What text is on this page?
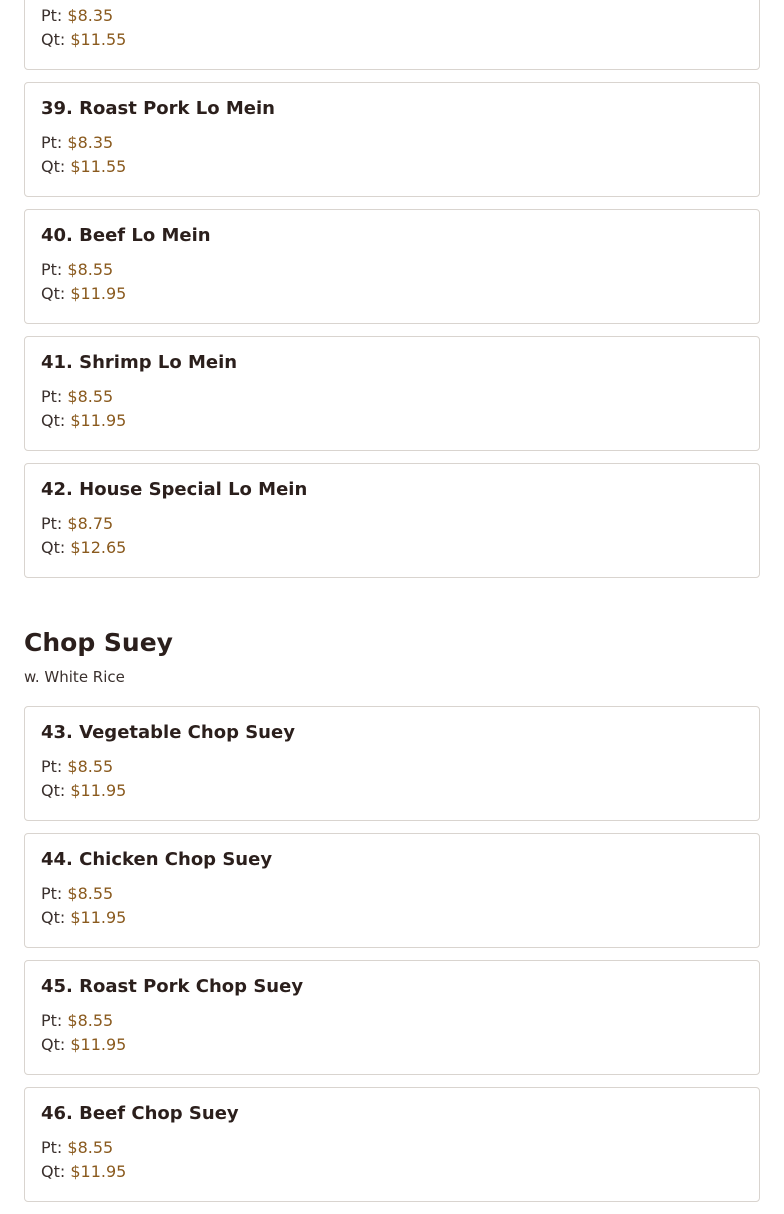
Pt: $8.35
Qt: $11.55
39. Roast Pork Lo Mein
Pt: $8.35
Qt: $11.55
40. Beef Lo Mein
Pt: $8.55
Qt: $11.95
41. Shrimp Lo Mein
Pt: $8.55
Qt: $11.95
42. House Special Lo Mein
Pt: $8.75
Qt: $12.65
Chop Suey
w. White Rice
43. Vegetable Chop Suey
Pt: $8.55
Qt: $11.95
44. Chicken Chop Suey
Pt: $8.55
Qt: $11.95
45. Roast Pork Chop Suey
Pt: $8.55
Qt: $11.95
46. Beef Chop Suey
Pt: $8.55
Qt: $11.95
